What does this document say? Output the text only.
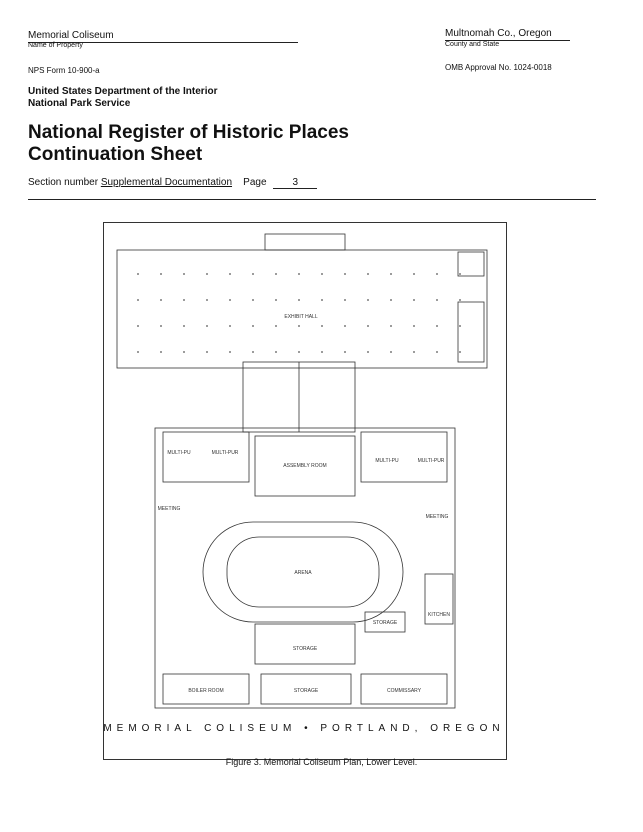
Memorial Coliseum
Name of Property
Multnomah Co., Oregon
County and State
NPS Form 10-900-a	OMB Approval No. 1024-0018
United States Department of the Interior
National Park Service
National Register of Historic Places
Continuation Sheet
Section number Supplemental Documentation Page	3
EXHIBIT HALL
ASSEMBLY ROOM
ARENA
STORAGE
BOILER ROOM	STORAGE	COMMISSARY
KITCHEN
STORAGE
MULTI-PU	MULTI-PUR
MULTI-PU	MULTI-PUR
MEETING
MEETING
MEMORIAL COLISEUM • PORTLAND, OREGON
Figure 3. Memorial Coliseum Plan, Lower Level.
